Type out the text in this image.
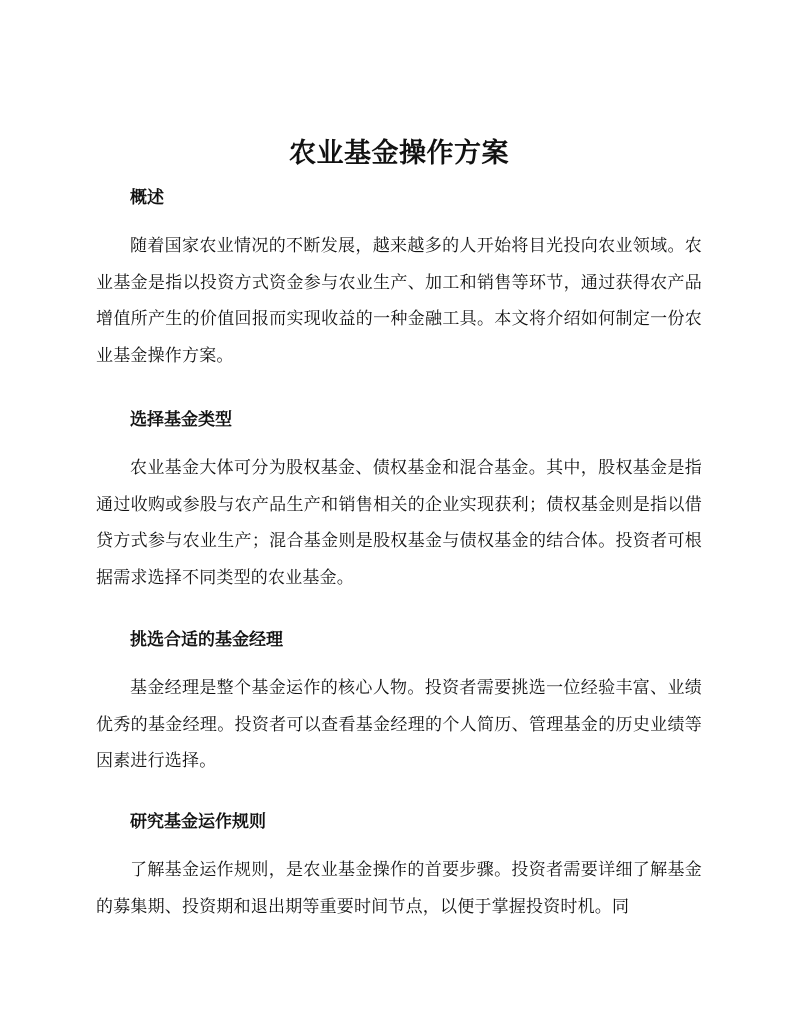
农业基金操作方案
概述

随着国家农业情况的不断发展，越来越多的人开始将目光投向农业领域。农业基金是指以投资方式资金参与农业生产、加工和销售等环节，通过获得农产品增值所产生的价值回报而实现收益的一种金融工具。本文将介绍如何制定一份农业基金操作方案。

选择基金类型

农业基金大体可分为股权基金、债权基金和混合基金。其中，股权基金是指通过收购或参股与农产品生产和销售相关的企业实现获利；债权基金则是指以借贷方式参与农业生产；混合基金则是股权基金与债权基金的结合体。投资者可根据需求选择不同类型的农业基金。

挑选合适的基金经理

基金经理是整个基金运作的核心人物。投资者需要挑选一位经验丰富、业绩优秀的基金经理。投资者可以查看基金经理的个人简历、管理基金的历史业绩等因素进行选择。

研究基金运作规则

了解基金运作规则，是农业基金操作的首要步骤。投资者需要详细了解基金的募集期、投资期和退出期等重要时间节点，以便于掌握投资时机。同
